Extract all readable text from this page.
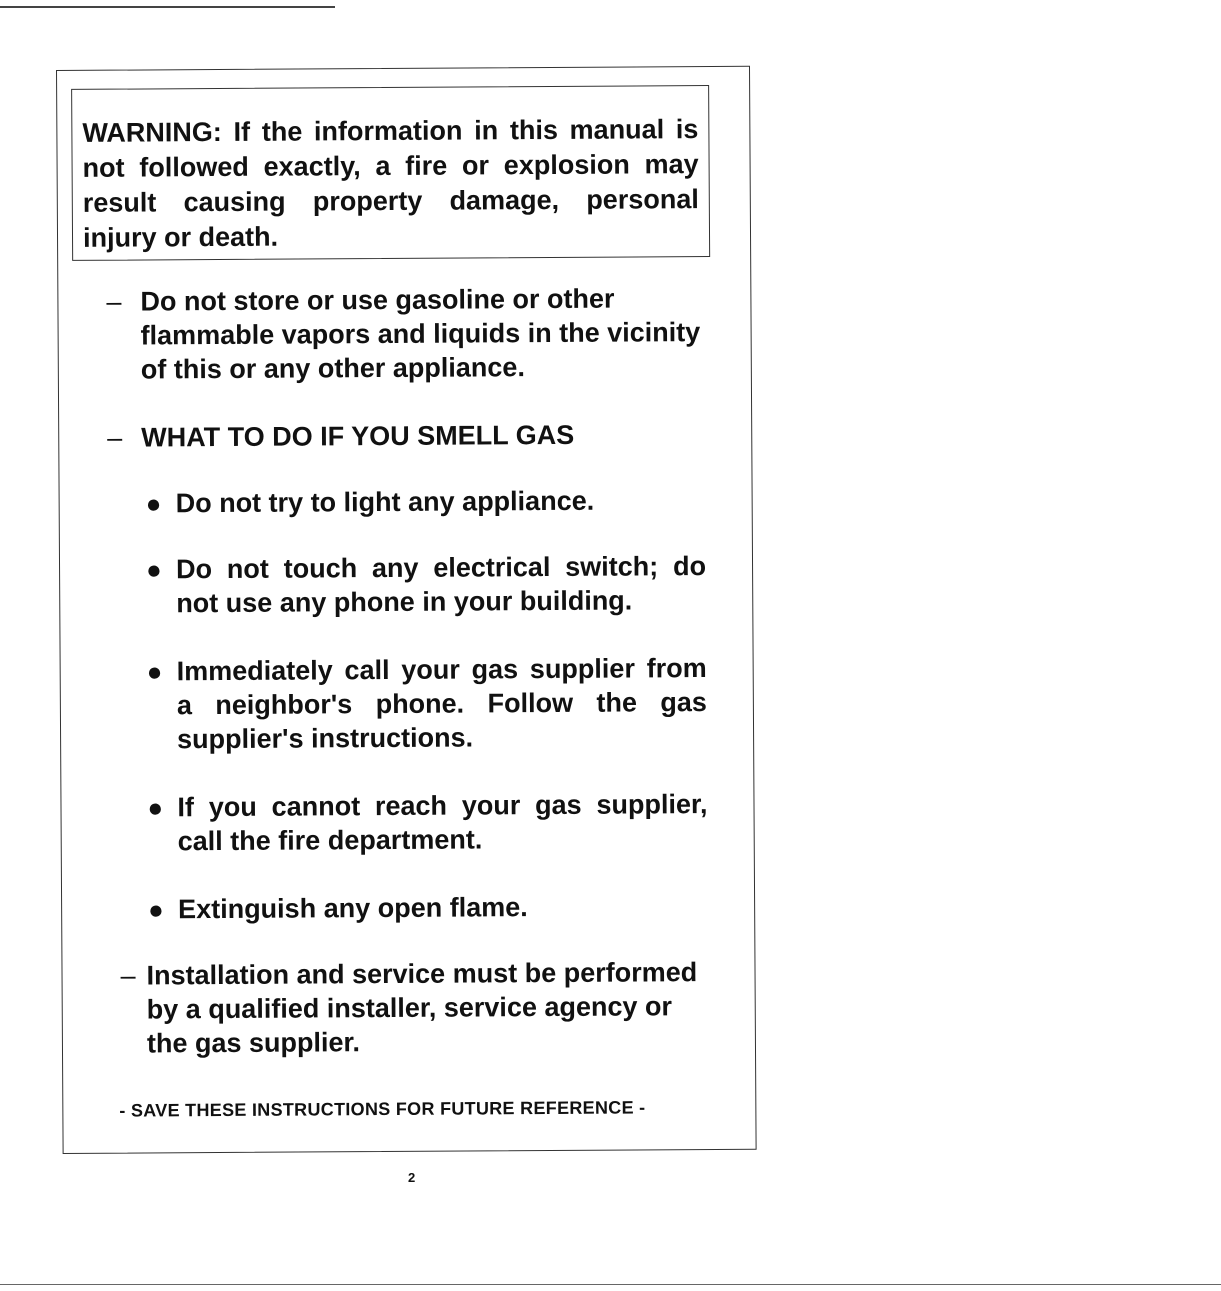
WARNING: If the information in this manual is not followed exactly, a fire or explosion may result causing property damage, personal injury or death.

– Do not store or use gasoline or other flammable vapors and liquids in the vicinity of this or any other appliance.

– WHAT TO DO IF YOU SMELL GAS

● Do not try to light any appliance.

● Do not touch any electrical switch; do not use any phone in your building.

● Immediately call your gas supplier from a neighbor's phone. Follow the gas supplier's instructions.

● If you cannot reach your gas supplier, call the fire department.

● Extinguish any open flame.

– Installation and service must be performed by a qualified installer, service agency or the gas supplier.

- SAVE THESE INSTRUCTIONS FOR FUTURE REFERENCE -

2
